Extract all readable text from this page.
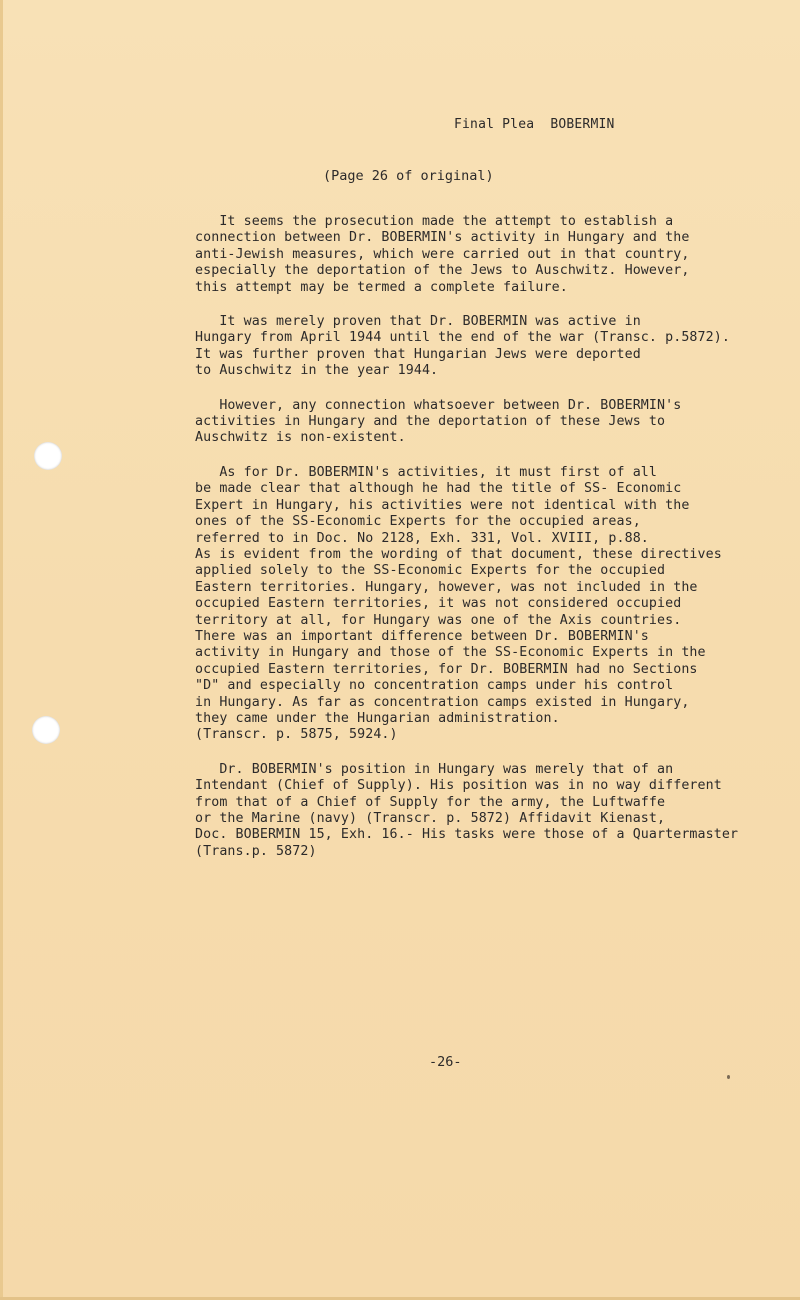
Final Plea  BOBERMIN
(Page 26 of original)
It seems the prosecution made the attempt to establish a
connection between Dr. BOBERMIN's activity in Hungary and the
anti-Jewish measures, which were carried out in that country,
especially the deportation of the Jews to Auschwitz. However,
this attempt may be termed a complete failure.
It was merely proven that Dr. BOBERMIN was active in
Hungary from April 1944 until the end of the war (Transc. p.5872).
It was further proven that Hungarian Jews were deported
to Auschwitz in the year 1944.
However, any connection whatsoever between Dr. BOBERMIN's
activities in Hungary and the deportation of these Jews to
Auschwitz is non-existent.
As for Dr. BOBERMIN's activities, it must first of all
be made clear that although he had the title of SS- Economic
Expert in Hungary, his activities were not identical with the
ones of the SS-Economic Experts for the occupied areas,
referred to in Doc. No 2128, Exh. 331, Vol. XVIII, p.88.
As is evident from the wording of that document, these directives
applied solely to the SS-Economic Experts for the occupied
Eastern territories. Hungary, however, was not included in the
occupied Eastern territories, it was not considered occupied
territory at all, for Hungary was one of the Axis countries.
There was an important difference between Dr. BOBERMIN's
activity in Hungary and those of the SS-Economic Experts in the
occupied Eastern territories, for Dr. BOBERMIN had no Sections
"D" and especially no concentration camps under his control
in Hungary. As far as concentration camps existed in Hungary,
they came under the Hungarian administration.
(Transcr. p. 5875, 5924.)
Dr. BOBERMIN's position in Hungary was merely that of an
Intendant (Chief of Supply). His position was in no way different
from that of a Chief of Supply for the army, the Luftwaffe
or the Marine (navy) (Transcr. p. 5872) Affidavit Kienast,
Doc. BOBERMIN 15, Exh. 16.- His tasks were those of a Quartermaster
(Trans.p. 5872)
-26-
